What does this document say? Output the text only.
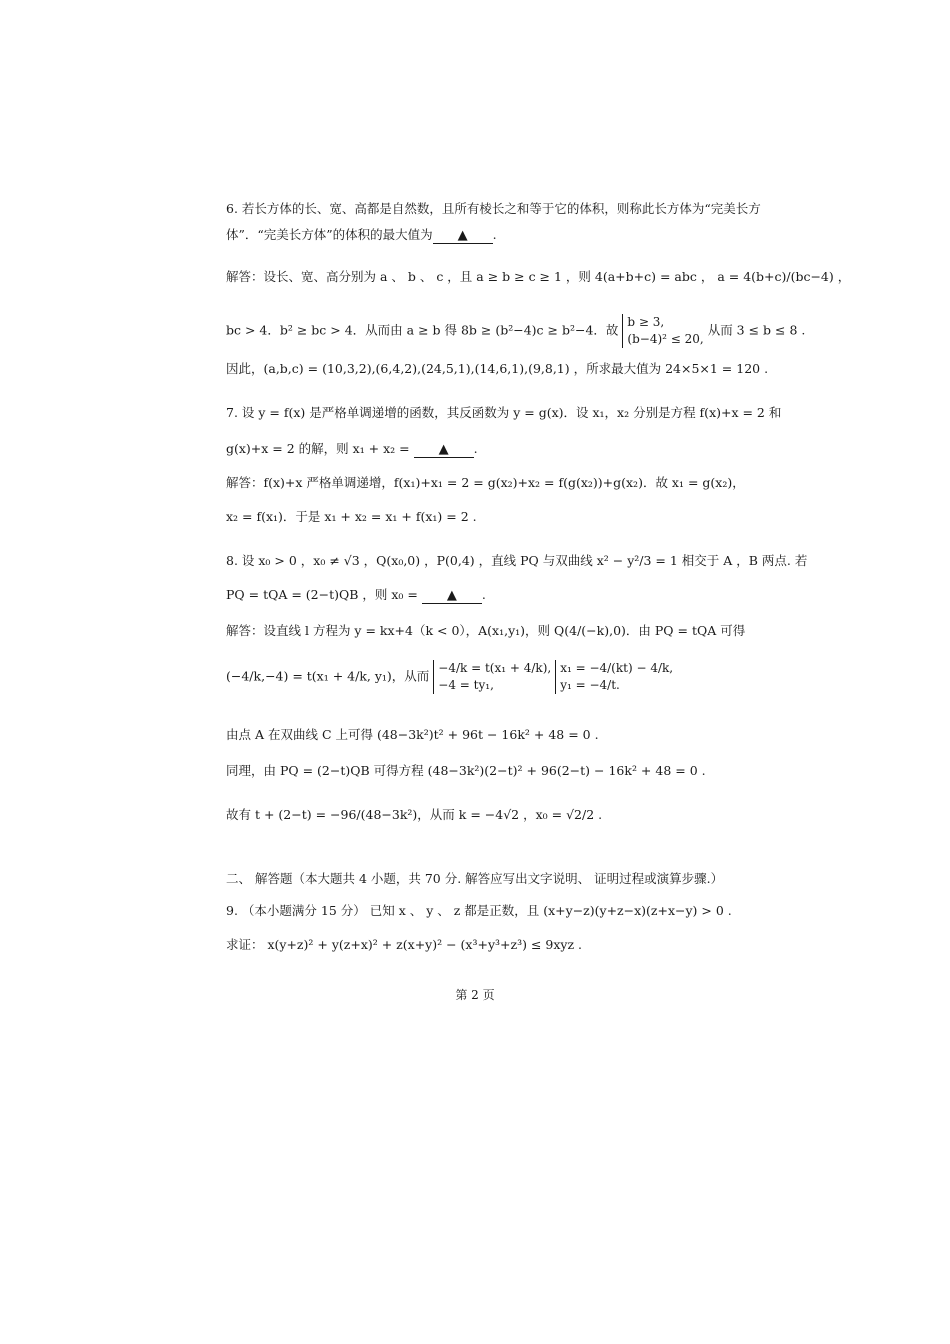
6. 若长方体的长、宽、高都是自然数，且所有棱长之和等于它的体积，则称此长方体为“完美长方
体”．“完美长方体”的体积的最大值为 ▲ .
解答：设长、宽、高分别为 a 、 b 、 c ，且 a ≥ b ≥ c ≥ 1 ，则 4(a+b+c) = abc ， a = 4(b+c)/(bc−4) ，
bc > 4．b² ≥ bc > 4．从而由 a ≥ b 得 8b ≥ (b²−4)c ≥ b²−4．故 b ≥ 3,
(b−4)² ≤ 20, 从而 3 ≤ b ≤ 8 .
因此，(a,b,c) = (10,3,2),(6,4,2),(24,5,1),(14,6,1),(9,8,1) ，所求最大值为 24×5×1 = 120 .
7. 设 y = f(x) 是严格单调递增的函数，其反函数为 y = g(x)．设 x₁，x₂ 分别是方程 f(x)+x = 2 和
g(x)+x = 2 的解，则 x₁ + x₂ = ▲ .
解答：f(x)+x 严格单调递增，f(x₁)+x₁ = 2 = g(x₂)+x₂ = f(g(x₂))+g(x₂)．故 x₁ = g(x₂)，
x₂ = f(x₁)．于是 x₁ + x₂ = x₁ + f(x₁) = 2 .
8. 设 x₀ > 0 ，x₀ ≠ √3 ，Q(x₀,0) ，P(0,4) ，直线 PQ 与双曲线 x² − y²/3 = 1 相交于 A ，B 两点. 若
PQ = tQA = (2−t)QB ，则 x₀ = ▲ .
解答：设直线 l 方程为 y = kx+4（k < 0），A(x₁,y₁)，则 Q(4/(−k),0)．由 PQ = tQA 可得
(−4/k,−4) = t(x₁ + 4/k, y₁)，从而 −4/k = t(x₁ + 4/k),
−4 = ty₁, x₁ = −4/(kt) − 4/k,
y₁ = −4/t.
由点 A 在双曲线 C 上可得 (48−3k²)t² + 96t − 16k² + 48 = 0 .
同理，由 PQ = (2−t)QB 可得方程 (48−3k²)(2−t)² + 96(2−t) − 16k² + 48 = 0 .
故有 t + (2−t) = −96/(48−3k²)，从而 k = −4√2 ，x₀ = √2/2 .
二、 解答题（本大题共 4 小题，共 70 分. 解答应写出文字说明、 证明过程或演算步骤.）
9. （本小题满分 15 分） 已知 x 、 y 、 z 都是正数，且 (x+y−z)(y+z−x)(z+x−y) > 0 .
求证： x(y+z)² + y(z+x)² + z(x+y)² − (x³+y³+z³) ≤ 9xyz .
第 2 页
